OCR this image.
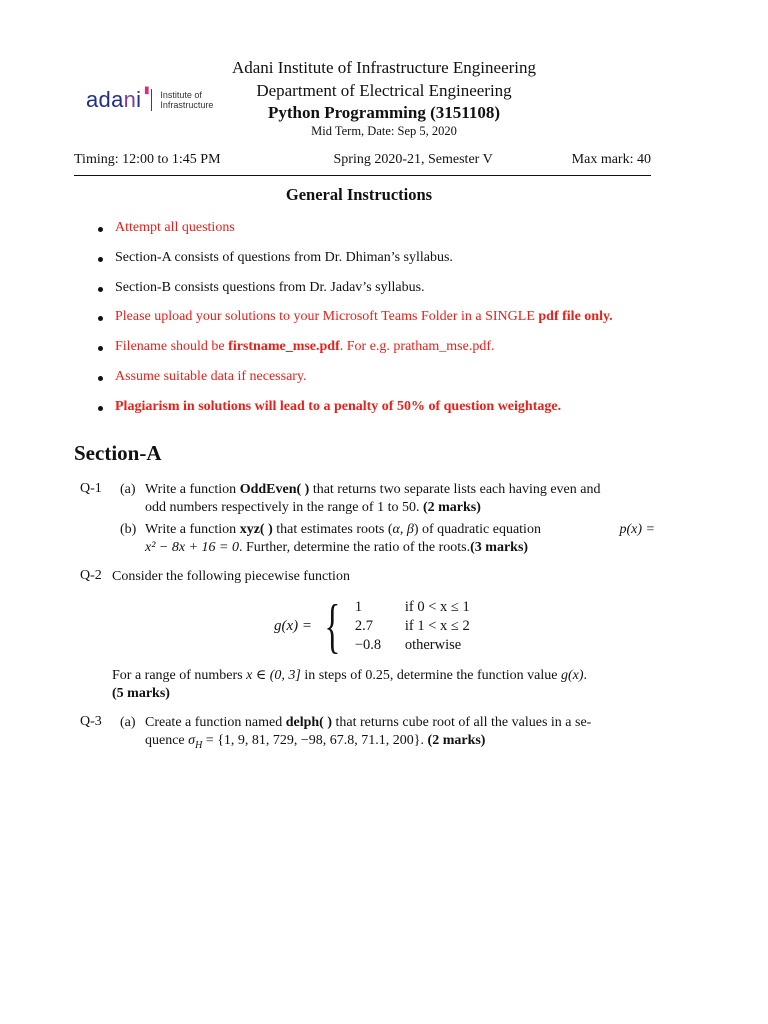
adani ▮ Institute of
Infrastructure
Adani Institute of Infrastructure Engineering
Department of Electrical Engineering
Python Programming (3151108)
Mid Term, Date: Sep 5, 2020
Timing: 12:00 to 1:45 PM	Spring 2020-21, Semester V	Max mark: 40
General Instructions
Attempt all questions
Section-A consists of questions from Dr. Dhiman’s syllabus.
Section-B consists questions from Dr. Jadav’s syllabus.
Please upload your solutions to your Microsoft Teams Folder in a SINGLE pdf file only.
Filename should be firstname_mse.pdf. For e.g. pratham_mse.pdf.
Assume suitable data if necessary.
Plagiarism in solutions will lead to a penalty of 50% of question weightage.
Section-A
Q-1 (a) Write a function OddEven( ) that returns two separate lists each having even and
odd numbers respectively in the range of 1 to 50. (2 marks)
(b) Write a function xyz( ) that estimates roots (α, β) of quadratic equation	p(x) =

x² − 8x + 16 = 0. Further, determine the ratio of the roots.(3 marks)
Q-2 Consider the following piecewise function
g(x) = { 1	if 0 < x ≤ 1
2.7	if 1 < x ≤ 2
−0.8	otherwise
For a range of numbers x ∈ (0, 3] in steps of 0.25, determine the function value g(x).
(5 marks)
Q-3 (a) Create a function named delph( ) that returns cube root of all the values in a se-
quence $\sigma_H = \{1$, 9, 81, 729, −98, 67.8, 71.1, 200}. (2 marks)
